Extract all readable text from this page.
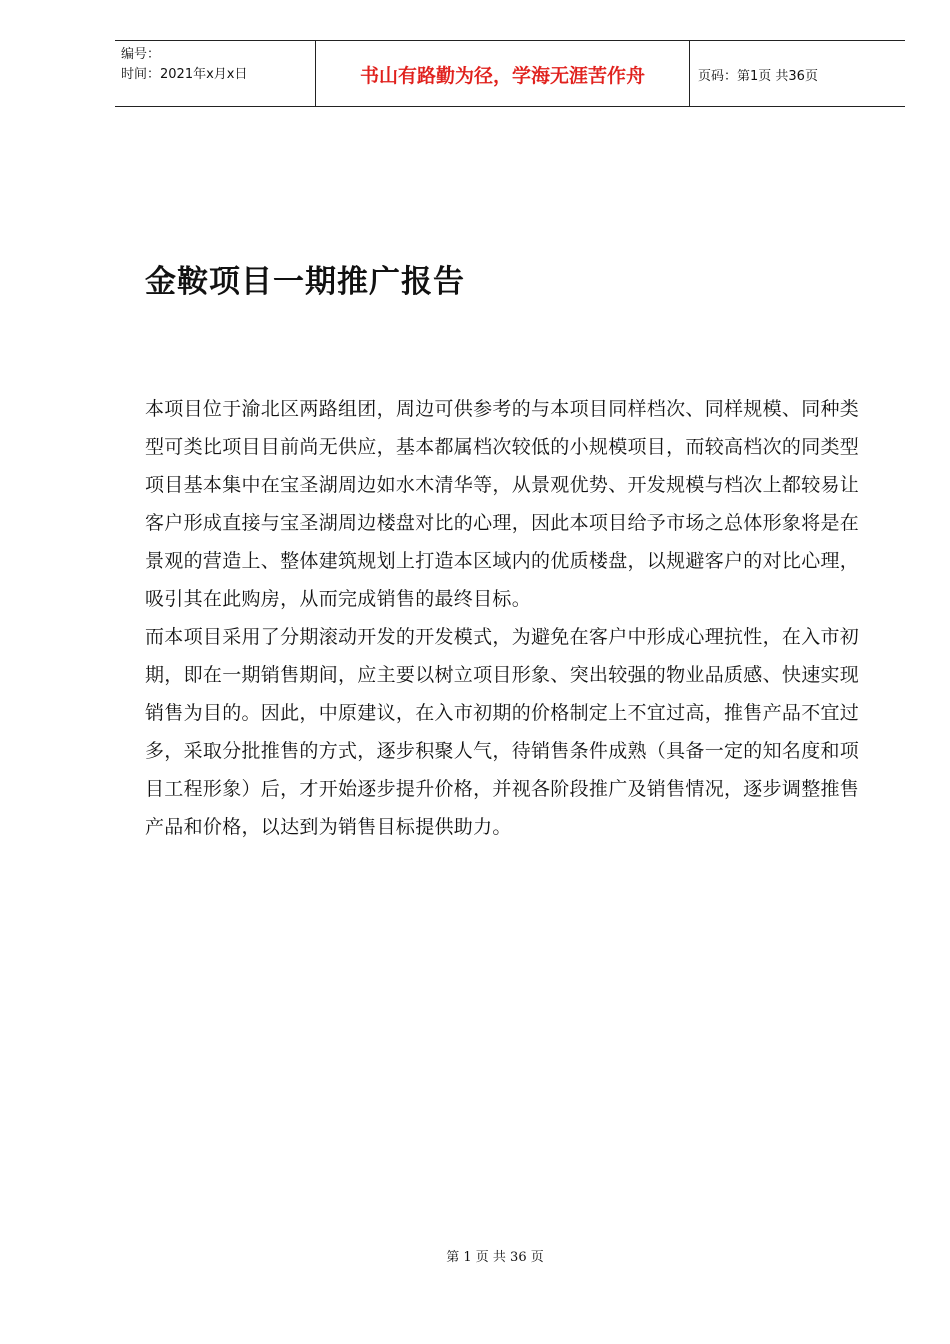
编号：
时间：2021年x月x日	书山有路勤为径，学海无涯苦作舟	页码：第1页 共36页
金鞍项目一期推广报告

本项目位于渝北区两路组团，周边可供参考的与本项目同样档次、同样规模、同种类型可类比项目目前尚无供应，基本都属档次较低的小规模项目，而较高档次的同类型项目基本集中在宝圣湖周边如水木清华等，从景观优势、开发规模与档次上都较易让客户形成直接与宝圣湖周边楼盘对比的心理，因此本项目给予市场之总体形象将是在景观的营造上、整体建筑规划上打造本区域内的优质楼盘，以规避客户的对比心理，吸引其在此购房，从而完成销售的最终目标。

而本项目采用了分期滚动开发的开发模式，为避免在客户中形成心理抗性，在入市初期，即在一期销售期间，应主要以树立项目形象、突出较强的物业品质感、快速实现销售为目的。因此，中原建议，在入市初期的价格制定上不宜过高，推售产品不宜过多，采取分批推售的方式，逐步积聚人气，待销售条件成熟（具备一定的知名度和项目工程形象）后，才开始逐步提升价格，并视各阶段推广及销售情况，逐步调整推售产品和价格，以达到为销售目标提供助力。

第 1 页 共 36 页
